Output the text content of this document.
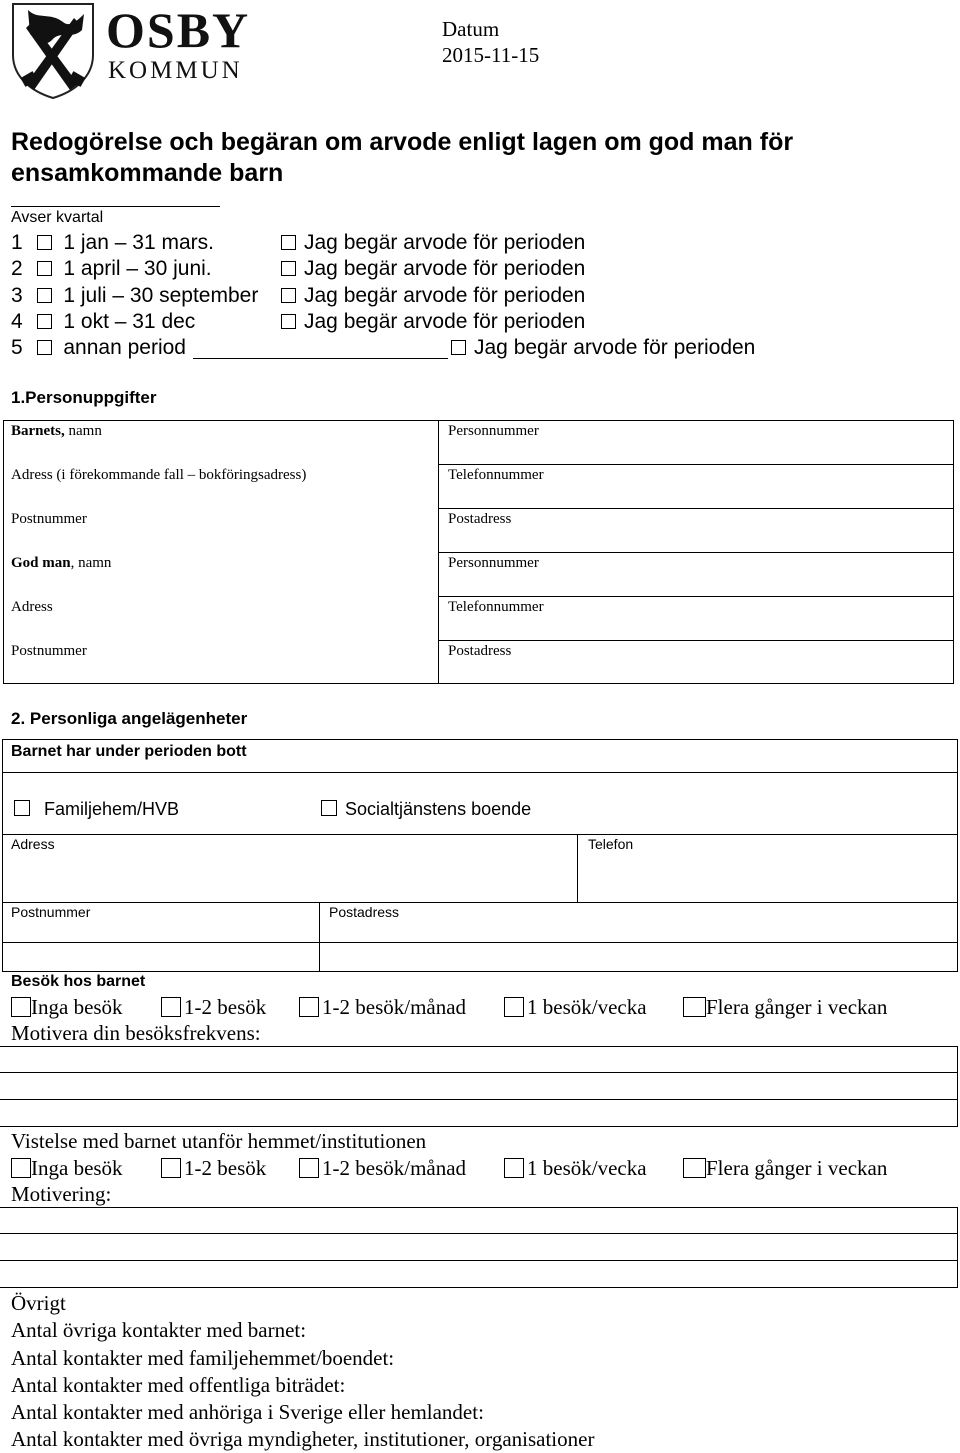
OSBY
KOMMUN
Datum
2015-11-15
Redogörelse och begäran om arvode enligt lagen om god man för
ensamkommande barn
Avser kvartal
1 1 jan – 31 mars.	Jag begär arvode för perioden
2 1 april – 30 juni.	Jag begär arvode för perioden
3 1 juli – 30 september	Jag begär arvode för perioden
4 1 okt – 31 dec	Jag begär arvode för perioden
5 annan period	Jag begär arvode för perioden
1.Personuppgifter
Barnets, namn	Personnummer
Adress (i förekommande fall – bokföringsadress)	Telefonnummer
Postnummer	Postadress
God man, namn	Personnummer
Adress	Telefonnummer
Postnummer	Postadress
2. Personliga angelägenheter
Barnet har under perioden bott
Familjehem/HVB	Socialtjänstens boende
Adress	Telefon
Postnummer	Postadress
Besök hos barnet
Inga besök	1-2 besök	1-2 besök/månad	1 besök/vecka	Flera gånger i veckan
Motivera din besöksfrekvens:
Vistelse med barnet utanför hemmet/institutionen
Inga besök	1-2 besök	1-2 besök/månad	1 besök/vecka	Flera gånger i veckan
Motivering:
Övrigt
Antal övriga kontakter med barnet:
Antal kontakter med familjehemmet/boendet:
Antal kontakter med offentliga biträdet:
Antal kontakter med anhöriga i Sverige eller hemlandet:
Antal kontakter med övriga myndigheter, institutioner, organisationer
